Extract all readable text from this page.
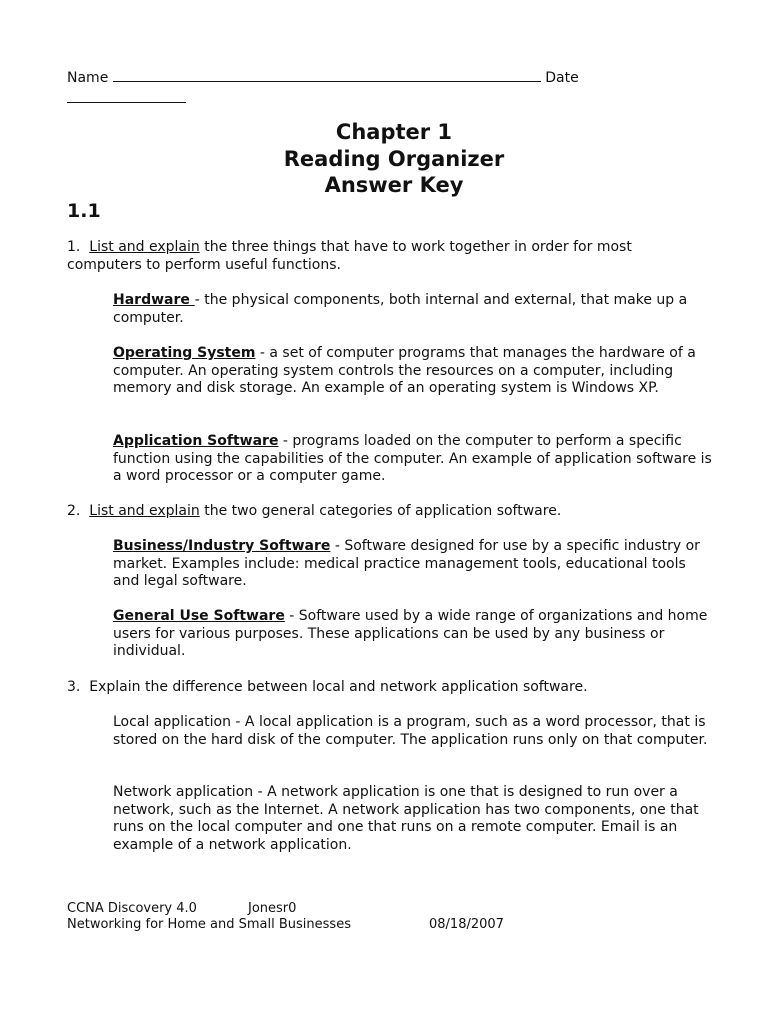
Name	Date
Chapter 1
Reading Organizer
Answer Key
1.1
1. List and explain the three things that have to work together in order for most computers to perform useful functions.
Hardware - the physical components, both internal and external, that make up a computer.
Operating System - a set of computer programs that manages the hardware of a computer. An operating system controls the resources on a computer, including memory and disk storage. An example of an operating system is Windows XP.
Application Software - programs loaded on the computer to perform a specific function using the capabilities of the computer. An example of application software is a word processor or a computer game.
2. List and explain the two general categories of application software.
Business/Industry Software - Software designed for use by a specific industry or market. Examples include: medical practice management tools, educational tools and legal software.
General Use Software - Software used by a wide range of organizations and home users for various purposes. These applications can be used by any business or individual.
3. Explain the difference between local and network application software.
Local application - A local application is a program, such as a word processor, that is stored on the hard disk of the computer. The application runs only on that computer.
Network application - A network application is one that is designed to run over a network, such as the Internet. A network application has two components, one that runs on the local computer and one that runs on a remote computer. Email is an example of a network application.
CCNA Discovery 4.0	Jonesr0
Networking for Home and Small Businesses	08/18/2007
